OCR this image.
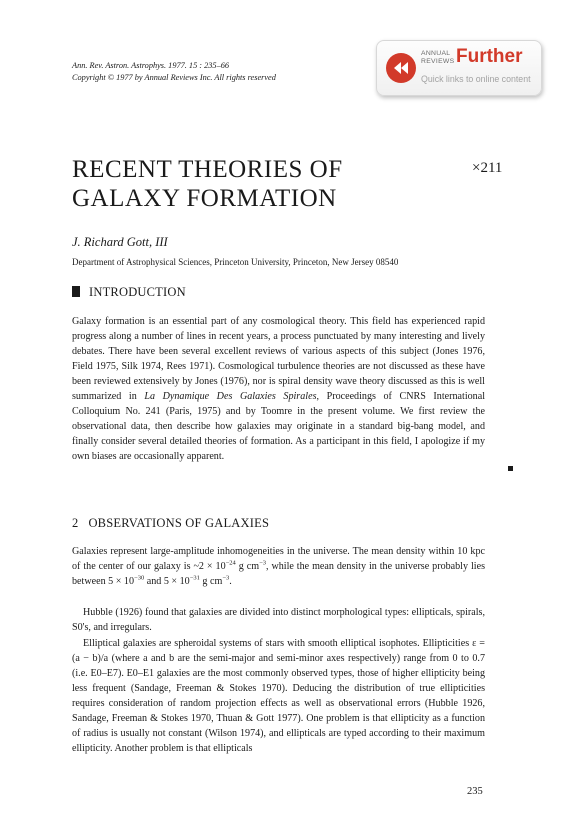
Ann. Rev. Astron. Astrophys. 1977. 15 : 235–66
Copyright © 1977 by Annual Reviews Inc. All rights reserved
ANNUAL
REVIEWS Further
Quick links to online content
RECENT THEORIES OF
GALAXY FORMATION
×211
J. Richard Gott, III
Department of Astrophysical Sciences, Princeton University, Princeton, New Jersey 08540
INTRODUCTION

Galaxy formation is an essential part of any cosmological theory. This field has experienced rapid progress along a number of lines in recent years, a process punctuated by many interesting and lively debates. There have been several excellent reviews of various aspects of this subject (Jones 1976, Field 1975, Silk 1974, Rees 1971). Cosmological turbulence theories are not discussed as these have been reviewed extensively by Jones (1976), nor is spiral density wave theory discussed as this is well summarized in La Dynamique Des Galaxies Spirales, Proceedings of CNRS International Colloquium No. 241 (Paris, 1975) and by Toomre in the present volume. We first review the observational data, then describe how galaxies may originate in a standard big-bang model, and finally consider several detailed theories of formation. As a participant in this field, I apologize if my own biases are occasionally apparent.

2 OBSERVATIONS OF GALAXIES

Galaxies represent large-amplitude inhomogeneities in the universe. The mean density within 10 kpc of the center of our galaxy is ~2 × $10^{-24}$ g $cm^{-3}$, while the mean density in the universe probably lies between $5 \times 10^{-30}$ and $5 \times 10^{-31}$ g $cm^{-3}$.

Hubble (1926) found that galaxies are divided into distinct morphological types: ellipticals, spirals, S0's, and irregulars.

Elliptical galaxies are spheroidal systems of stars with smooth elliptical isophotes. Ellipticities ε = (a − b)/a (where a and b are the semi-major and semi-minor axes respectively) range from 0 to 0.7 (i.e. E0–E7). E0–E1 galaxies are the most commonly observed types, those of higher ellipticity being less frequent (Sandage, Freeman & Stokes 1970). Deducing the distribution of true ellipticities requires consideration of random projection effects as well as observational errors (Hubble 1926, Sandage, Freeman & Stokes 1970, Thuan & Gott 1977). One problem is that ellipticity as a function of radius is usually not constant (Wilson 1974), and ellipticals are typed according to their maximum ellipticity. Another problem is that ellipticals

235
